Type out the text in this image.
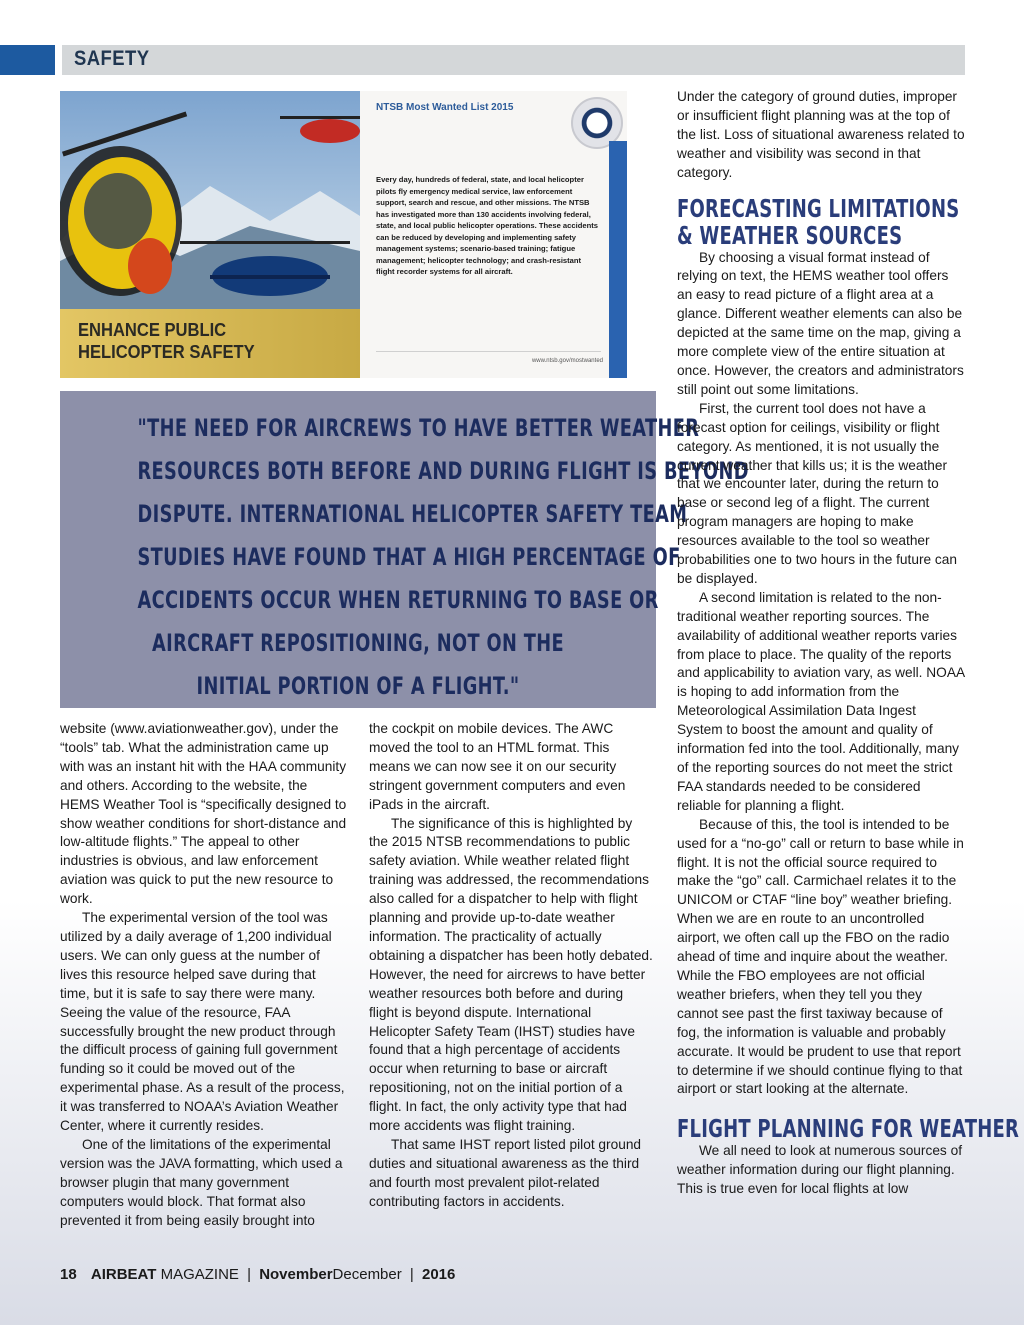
SAFETY
ENHANCE PUBLIC
HELICOPTER SAFETY
NTSB Most Wanted List 2015
Every day, hundreds of federal, state, and local helicopter pilots fly emergency medical service, law enforcement support, search and rescue, and other missions. The NTSB has investigated more than 130 accidents involving federal, state, and local public helicopter operations. These accidents can be reduced by developing and implementing safety management systems; scenario-based training; fatigue management; helicopter technology; and crash-resistant flight recorder systems for all aircraft.
www.ntsb.gov/mostwanted
"THE NEED FOR AIRCREWS TO HAVE BETTER WEATHER
RESOURCES BOTH BEFORE AND DURING FLIGHT IS BEYOND
DISPUTE. INTERNATIONAL HELICOPTER SAFETY TEAM
STUDIES HAVE FOUND THAT A HIGH PERCENTAGE OF
ACCIDENTS OCCUR WHEN RETURNING TO BASE OR
AIRCRAFT REPOSITIONING, NOT ON THE
INITIAL PORTION OF A FLIGHT."

website (www.aviationweather.gov), under the “tools” tab. What the administration came up with was an instant hit with the HAA community and others. According to the website, the HEMS Weather Tool is “specifically designed to show weather conditions for short-distance and low-altitude flights.” The appeal to other industries is obvious, and law enforcement aviation was quick to put the new resource to work.

The experimental version of the tool was utilized by a daily average of 1,200 individual users. We can only guess at the number of lives this resource helped save during that time, but it is safe to say there were many. Seeing the value of the resource, FAA successfully brought the new product through the difficult process of gaining full government funding so it could be moved out of the experimental phase. As a result of the process, it was transferred to NOAA’s Aviation Weather Center, where it currently resides.

One of the limitations of the experimental version was the JAVA formatting, which used a browser plugin that many government computers would block. That format also prevented it from being easily brought into

the cockpit on mobile devices. The AWC moved the tool to an HTML format. This means we can now see it on our security stringent government computers and even iPads in the aircraft.

The significance of this is highlighted by the 2015 NTSB recommendations to public safety aviation. While weather related flight training was addressed, the recommendations also called for a dispatcher to help with flight planning and provide up-to-date weather information. The practicality of actually obtaining a dispatcher has been hotly debated. However, the need for aircrews to have better weather resources both before and during flight is beyond dispute. International Helicopter Safety Team (IHST) studies have found that a high percentage of accidents occur when returning to base or aircraft repositioning, not on the initial portion of a flight. In fact, the only activity type that had more accidents was flight training.

That same IHST report listed pilot ground duties and situational awareness as the third and fourth most prevalent pilot-related contributing factors in accidents.

Under the category of ground duties, improper or insufficient flight planning was at the top of the list. Loss of situational awareness related to weather and visibility was second in that category.

FORECASTING LIMITATIONS
& WEATHER SOURCES

By choosing a visual format instead of relying on text, the HEMS weather tool offers an easy to read picture of a flight area at a glance. Different weather elements can also be depicted at the same time on the map, giving a more complete view of the entire situation at once. However, the creators and administrators still point out some limitations.

First, the current tool does not have a forecast option for ceilings, visibility or flight category. As mentioned, it is not usually the current weather that kills us; it is the weather that we encounter later, during the return to base or second leg of a flight. The current program managers are hoping to make resources available to the tool so weather probabilities one to two hours in the future can be displayed.

A second limitation is related to the non-traditional weather reporting sources. The availability of additional weather reports varies from place to place. The quality of the reports and applicability to aviation vary, as well. NOAA is hoping to add information from the Meteorological Assimilation Data Ingest System to boost the amount and quality of information fed into the tool. Additionally, many of the reporting sources do not meet the strict FAA standards needed to be considered reliable for planning a flight.

Because of this, the tool is intended to be used for a “no-go” call or return to base while in flight. It is not the official source required to make the “go” call. Carmichael relates it to the UNICOM or CTAF “line boy” weather briefing. When we are en route to an uncontrolled airport, we often call up the FBO on the radio ahead of time and inquire about the weather. While the FBO employees are not official weather briefers, when they tell you they cannot see past the first taxiway because of fog, the information is valuable and probably accurate. It would be prudent to use that report to determine if we should continue flying to that airport or start looking at the alternate.

FLIGHT PLANNING FOR WEATHER

We all need to look at numerous sources of weather information during our flight planning. This is true even for local flights at low

18 AIRBEAT MAGAZINE | NovemberDecember | 2016
